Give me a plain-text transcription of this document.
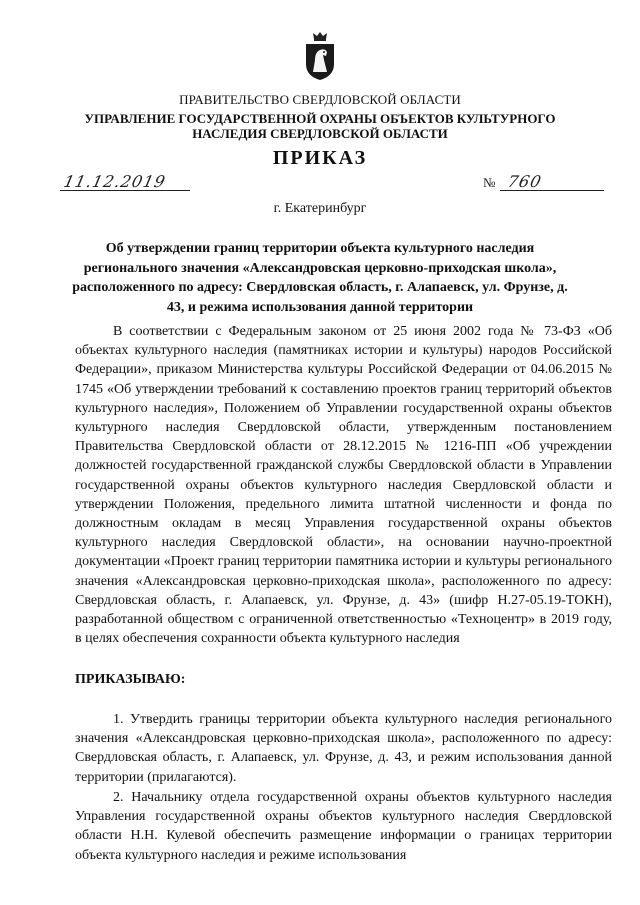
ПРАВИТЕЛЬСТВО СВЕРДЛОВСКОЙ ОБЛАСТИ
УПРАВЛЕНИЕ ГОСУДАРСТВЕННОЙ ОХРАНЫ ОБЪЕКТОВ КУЛЬТУРНОГО НАСЛЕДИЯ СВЕРДЛОВСКОЙ ОБЛАСТИ
ПРИКАЗ
11.12.2019	№ 760
г. Екатеринбург
Об утверждении границ территории объекта культурного наследия регионального значения «Александровская церковно-приходская школа», расположенного по адресу: Свердловская область, г. Алапаевск, ул. Фрунзе, д. 43, и режима использования данной территории
В соответствии с Федеральным законом от 25 июня 2002 года № 73-ФЗ «Об объектах культурного наследия (памятниках истории и культуры) народов Российской Федерации», приказом Министерства культуры Российской Федерации от 04.06.2015 № 1745 «Об утверждении требований к составлению проектов границ территорий объектов культурного наследия», Положением об Управлении государственной охраны объектов культурного наследия Свердловской области, утвержденным постановлением Правительства Свердловской области от 28.12.2015 № 1216-ПП «Об учреждении должностей государственной гражданской службы Свердловской области в Управлении государственной охраны объектов культурного наследия Свердловской области и утверждении Положения, предельного лимита штатной численности и фонда по должностным окладам в месяц Управления государственной охраны объектов культурного наследия Свердловской области», на основании научно-проектной документации «Проект границ территории памятника истории и культуры регионального значения «Александровская церковно-приходская школа», расположенного по адресу: Свердловская область, г. Алапаевск, ул. Фрунзе, д. 43» (шифр Н.27-05.19-ТОКН), разработанной обществом с ограниченной ответственностью «Техноцентр» в 2019 году, в целях обеспечения сохранности объекта культурного наследия
ПРИКАЗЫВАЮ:
1. Утвердить границы территории объекта культурного наследия регионального значения «Александровская церковно-приходская школа», расположенного по адресу: Свердловская область, г. Алапаевск, ул. Фрунзе, д. 43, и режим использования данной территории (прилагаются).
2. Начальнику отдела государственной охраны объектов культурного наследия Управления государственной охраны объектов культурного наследия Свердловской области Н.Н. Кулевой обеспечить размещение информации о границах территории объекта культурного наследия и режиме использования
